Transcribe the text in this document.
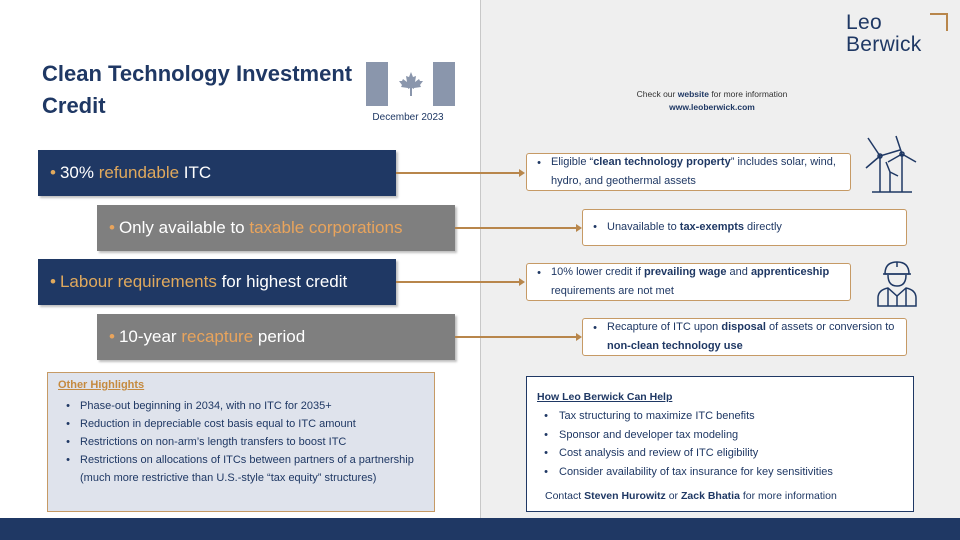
Clean Technology Investment Credit	December 2023
Leo
Berwick
Check our website for more information
www.leoberwick.com
• 30%
refundable
ITC
• Only available to
taxable corporations
• Labour requirements
for highest credit
• 10-year
recapture
period
• Eligible “clean technology property” includes solar, wind, hydro, and geothermal assets
• Unavailable to tax-exempts directly
• 10% lower credit if prevailing wage and apprenticeship requirements are not met
• Recapture of ITC upon disposal of assets or conversion to non-clean technology use
Other Highlights
• Phase-out beginning in 2034, with no ITC for 2035+
• Reduction in depreciable cost basis equal to ITC amount
• Restrictions on non-arm’s length transfers to boost ITC
• Restrictions on allocations of ITCs between partners of a partnership (much more restrictive than U.S.-style “tax equity” structures)
How Leo Berwick Can Help
•	Tax structuring to maximize ITC benefits
•	Sponsor and developer tax modeling
•	Cost analysis and review of ITC eligibility
•	Consider availability of tax insurance for key sensitivities
Contact Steven Hurowitz or Zack Bhatia for more information
